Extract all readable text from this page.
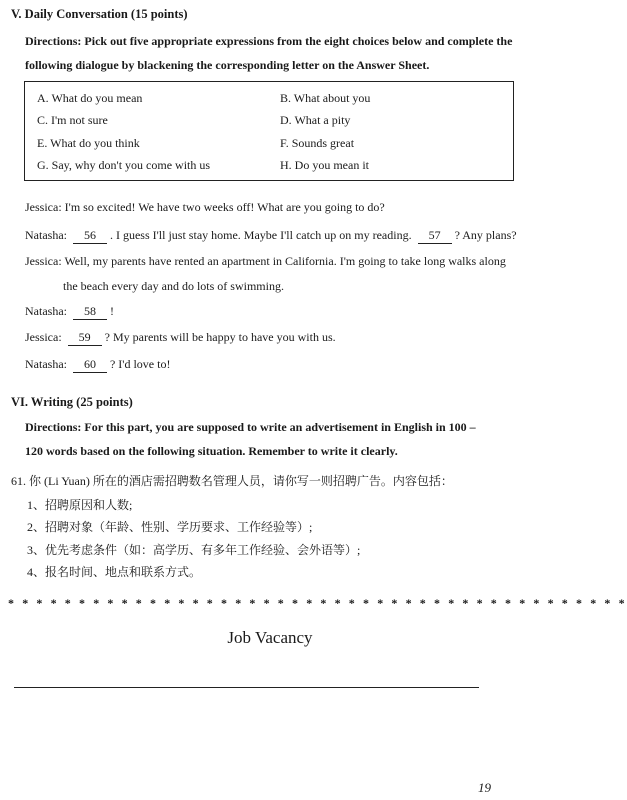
V. Daily Conversation (15 points)
Directions: Pick out five appropriate expressions from the eight choices below and complete the
following dialogue by blackening the corresponding letter on the Answer Sheet.
A. What do you mean	B. What about you
C. I'm not sure	D. What a pity
E. What do you think	F. Sounds great
G. Say, why don't you come with us	H. Do you mean it
Jessica: I'm so excited! We have two weeks off! What are you going to do?
Natasha: 56 . I guess I'll just stay home. Maybe I'll catch up on my reading. 57 ? Any plans?
Jessica: Well, my parents have rented an apartment in California. I'm going to take long walks along
the beach every day and do lots of swimming.
Natasha: 58 !
Jessica: 59 ? My parents will be happy to have you with us.
Natasha: 60 ? I'd love to!
VI. Writing (25 points)
Directions: For this part, you are supposed to write an advertisement in English in 100 –
120 words based on the following situation. Remember to write it clearly.
61. 你 (Li Yuan) 所在的酒店需招聘数名管理人员，请你写一则招聘广告。内容包括：
1、招聘原因和人数;
2、招聘对象（年龄、性别、学历要求、工作经验等）;
3、优先考虑条件（如：高学历、有多年工作经验、会外语等）;
4、报名时间、地点和联系方式。
* * * * * * * * * * * * * * * * * * * * * * * * * * * * * * * * * * * * * * * * * * * *
Job Vacancy
19
